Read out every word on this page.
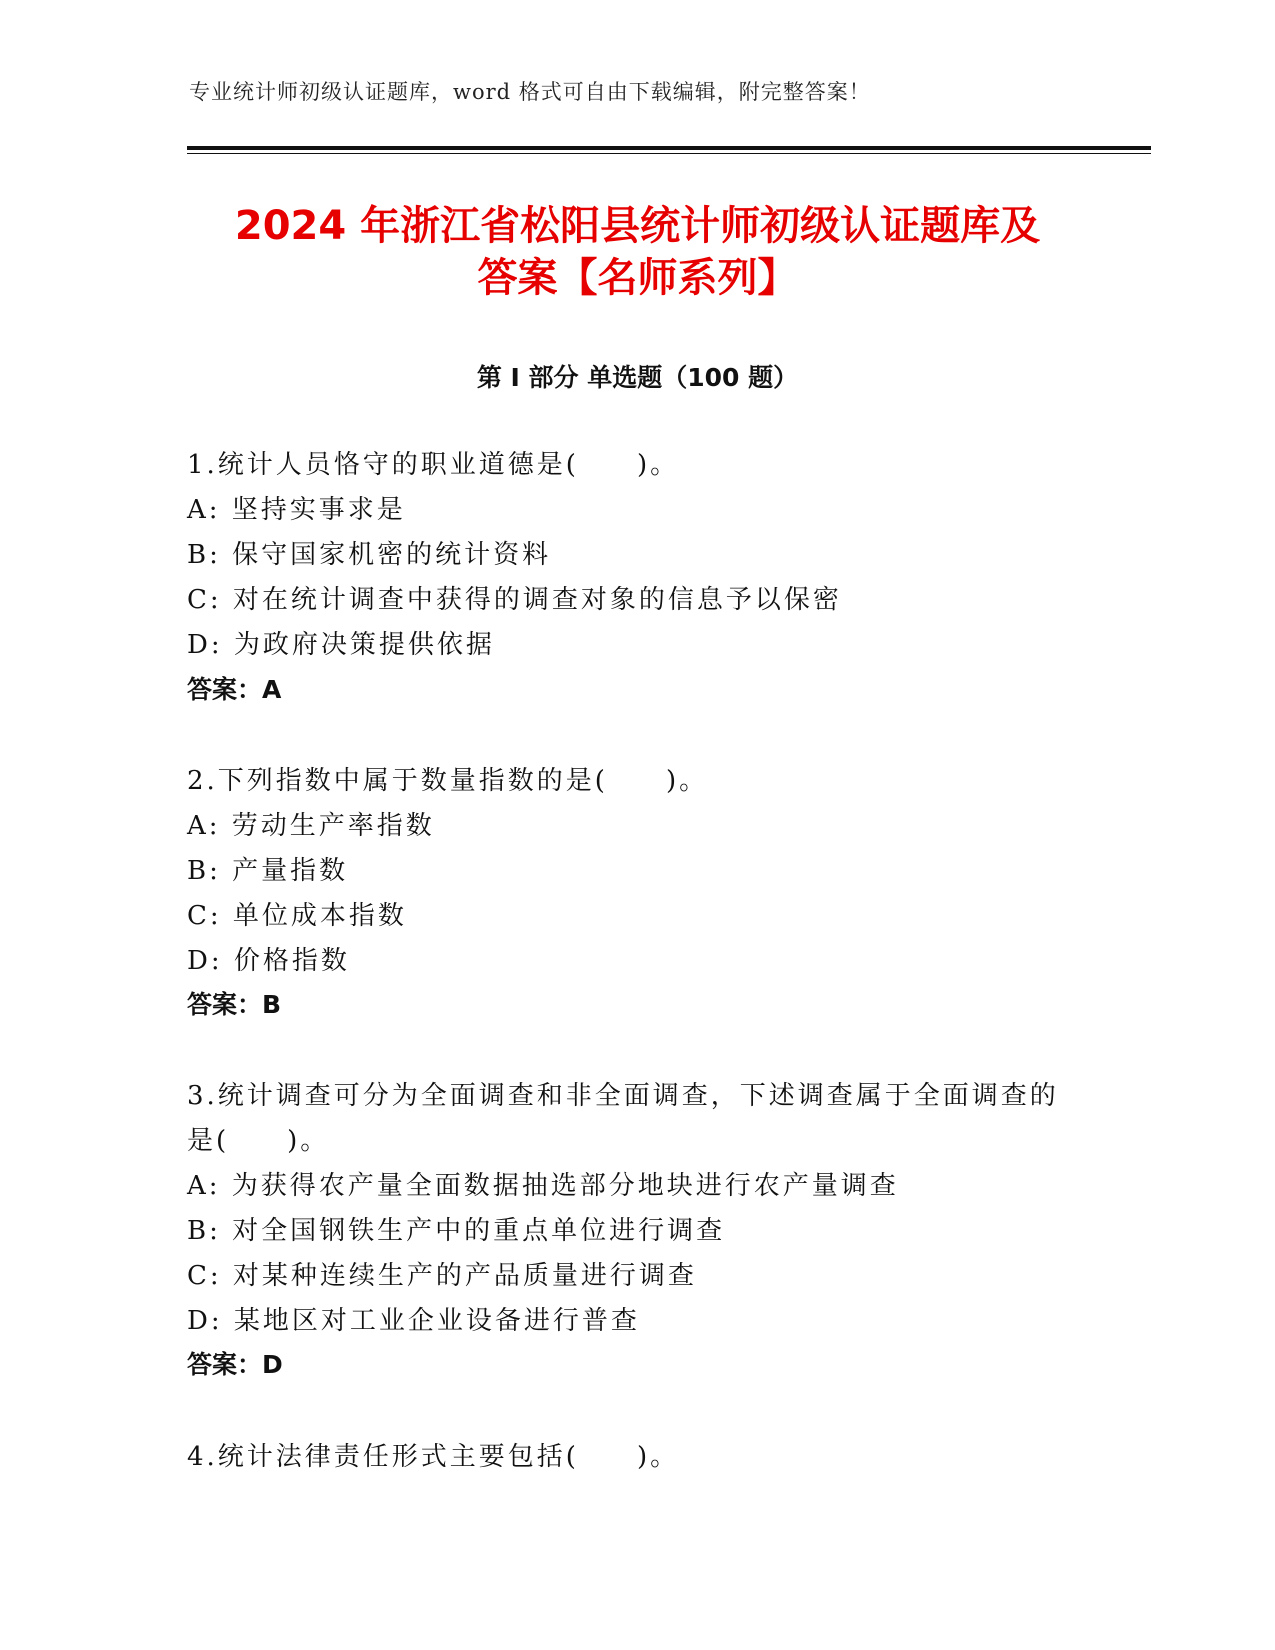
专业统计师初级认证题库，word 格式可自由下载编辑，附完整答案！
2024 年浙江省松阳县统计师初级认证题库及
答案【名师系列】
第 I 部分 单选题（100 题）
1.统计人员恪守的职业道德是(　　)。
A: 坚持实事求是
B: 保守国家机密的统计资料
C: 对在统计调查中获得的调查对象的信息予以保密
D: 为政府决策提供依据
答案：A
2.下列指数中属于数量指数的是(　　)。
A: 劳动生产率指数
B: 产量指数
C: 单位成本指数
D: 价格指数
答案：B
3.统计调查可分为全面调查和非全面调查，下述调查属于全面调查的
是(　　)。
A: 为获得农产量全面数据抽选部分地块进行农产量调查
B: 对全国钢铁生产中的重点单位进行调查
C: 对某种连续生产的产品质量进行调查
D: 某地区对工业企业设备进行普查
答案：D
4.统计法律责任形式主要包括(　　)。
